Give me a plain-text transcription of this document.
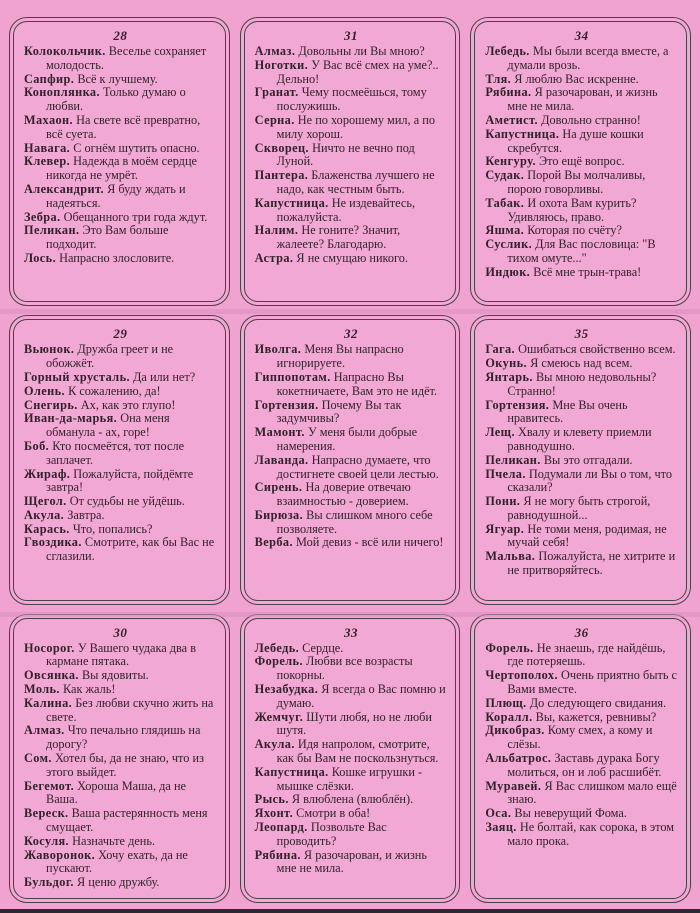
28

Колокольчик. Веселье сохраняет молодость.

Сапфир. Всё к лучшему.

Коноплянка. Только думаю о любви.

Махаон. На свете всё превратно, всё суета.

Навага. С огнём шутить опасно.

Клевер. Надежда в моём сердце никогда не умрёт.

Александрит. Я буду ждать и надеяться.

Зебра. Обещанного три года ждут.

Пеликан. Это Вам больше подходит.

Лось. Напрасно злословите.

31

Алмаз. Довольны ли Вы мною?

Ноготки. У Вас всё смех на уме?.. Дельно!

Гранат. Чему посмеёшься, тому послужишь.

Серна. Не по хорошему мил, а по милу хорош.

Скворец. Ничто не вечно под Луной.

Пантера. Блаженства лучшего не надо, как честным быть.

Капустница. Не издевайтесь, пожалуйста.

Налим. Не гоните? Значит, жалеете? Благодарю.

Астра. Я не смущаю никого.

34

Лебедь. Мы были всегда вместе, а думали врозь.

Тля. Я люблю Вас искренне.

Рябина. Я разочарован, и жизнь мне не мила.

Аметист. Довольно странно!

Капустница. На душе кошки скребутся.

Кенгуру. Это ещё вопрос.

Судак. Порой Вы молчаливы, порою говорливы.

Табак. И охота Вам курить? Удивляюсь, право.

Яшма. Которая по счёту?

Суслик. Для Вас пословица: "В тихом омуте..."

Индюк. Всё мне трын-трава!

29

Вьюнок. Дружба греет и не обожжёт.

Горный хрусталь. Да или нет?

Олень. К сожалению, да!

Снегирь. Ах, как это глупо!

Иван-да-марья. Она меня обманула - ах, горе!

Боб. Кто посмеётся, тот после заплачет.

Жираф. Пожалуйста, пойдёмте завтра!

Щегол. От судьбы не уйдёшь.

Акула. Завтра.

Карась. Что, попались?

Гвоздика. Смотрите, как бы Вас не сглазили.

32

Иволга. Меня Вы напрасно игнорируете.

Гиппопотам. Напрасно Вы кокетничаете, Вам это не идёт.

Гортензия. Почему Вы так задумчивы?

Мамонт. У меня были добрые намерения.

Лаванда. Напрасно думаете, что достигнете своей цели лестью.

Сирень. На доверие отвечаю взаимностью - доверием.

Бирюза. Вы слишком много себе позволяете.

Верба. Мой девиз - всё или ничего!

35

Гага. Ошибаться свойственно всем.

Окунь. Я смеюсь над всем.

Янтарь. Вы мною недовольны? Странно!

Гортензия. Мне Вы очень нравитесь.

Лещ. Хвалу и клевету приемли равнодушно.

Пеликан. Вы это отгадали.

Пчела. Подумали ли Вы о том, что сказали?

Пони. Я не могу быть строгой, равнодушной...

Ягуар. Не томи меня, родимая, не мучай себя!

Мальва. Пожалуйста, не хитрите и не притворяйтесь.

30

Носорог. У Вашего чудака два в кармане пятака.

Овсянка. Вы ядовиты.

Моль. Как жаль!

Калина. Без любви скучно жить на свете.

Алмаз. Что печально глядишь на дорогу?

Сом. Хотел бы, да не знаю, что из этого выйдет.

Бегемот. Хороша Маша, да не Ваша.

Вереск. Ваша растерянность меня смущает.

Косуля. Назначьте день.

Жаворонок. Хочу ехать, да не пускают.

Бульдог. Я ценю дружбу.

33

Лебедь. Сердце.

Форель. Любви все возрасты покорны.

Незабудка. Я всегда о Вас помню и думаю.

Жемчуг. Шути любя, но не люби шутя.

Акула. Идя напролом, смотрите, как бы Вам не поскользнуться.

Капустница. Кошке игрушки - мышке слёзки.

Рысь. Я влюблена (влюблён).

Яхонт. Смотри в оба!

Леопард. Позвольте Вас проводить?

Рябина. Я разочарован, и жизнь мне не мила.

36

Форель. Не знаешь, где найдёшь, где потеряешь.

Чертополох. Очень приятно быть с Вами вместе.

Плющ. До следующего свидания.

Коралл. Вы, кажется, ревнивы?

Дикобраз. Кому смех, а кому и слёзы.

Альбатрос. Заставь дурака Богу молиться, он и лоб расшибёт.

Муравей. Я Вас слишком мало ещё знаю.

Оса. Вы неверущий Фома.

Заяц. Не болтай, как сорока, в этом мало прока.
